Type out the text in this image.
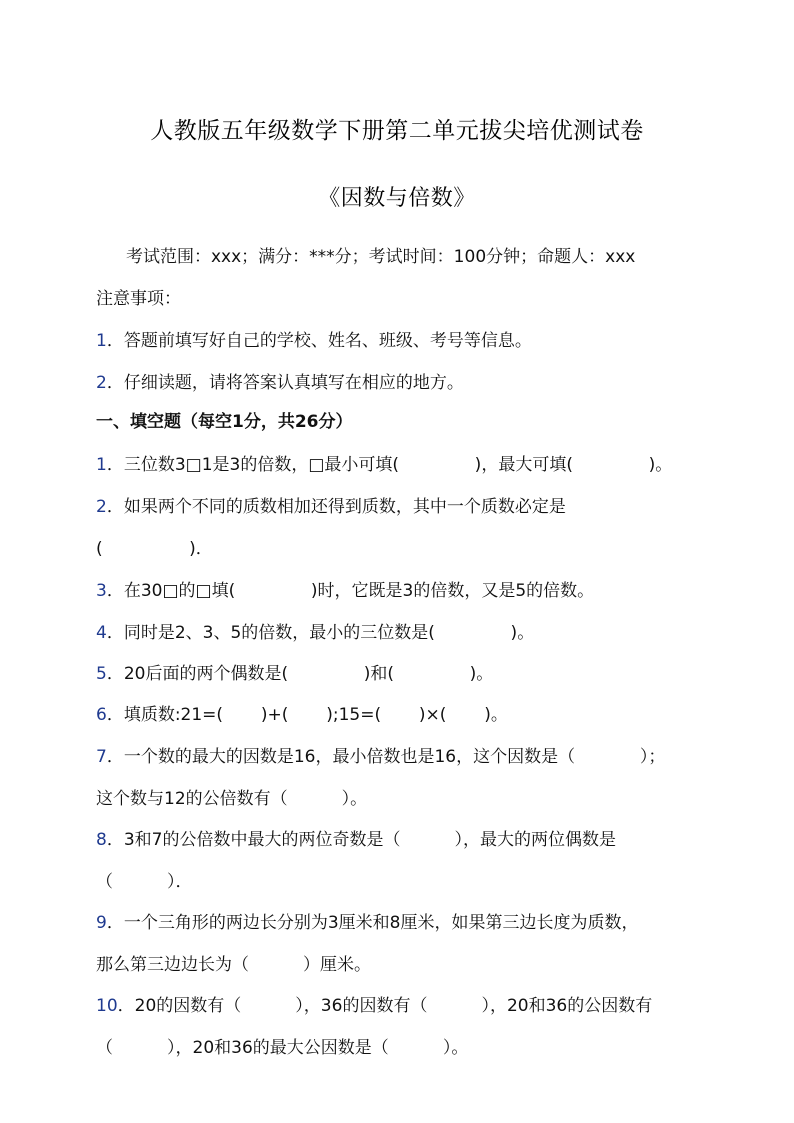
人教版五年级数学下册第二单元拔尖培优测试卷
《因数与倍数》
考试范围：xxx；满分：***分；考试时间：100分钟；命题人：xxx
注意事项：
1．答题前填写好自己的学校、姓名、班级、考号等信息。
2．仔细读题，请将答案认真填写在相应的地方。
一、填空题（每空1分，共26分）
1．三位数3□1是3的倍数，□最小可填(              )，最大可填(              )。
2．如果两个不同的质数相加还得到质数，其中一个质数必定是
(                )．
3．在30□的□填(              )时，它既是3的倍数，又是5的倍数。
4．同时是2、3、5的倍数，最小的三位数是(              )。
5．20后面的两个偶数是(              )和(              )。
6．填质数:21=(       )+(       );15=(       )×(       )。
7．一个数的最大的因数是16，最小倍数也是16，这个因数是（            ）；
这个数与12的公倍数有（          ）。
8．3和7的公倍数中最大的两位奇数是（          ），最大的两位偶数是
（          ）．
9．一个三角形的两边长分别为3厘米和8厘米，如果第三边长度为质数，
那么第三边边长为（          ）厘米。
10．20的因数有（          ），36的因数有（          ），20和36的公因数有
（          ），20和36的最大公因数是（          ）。
